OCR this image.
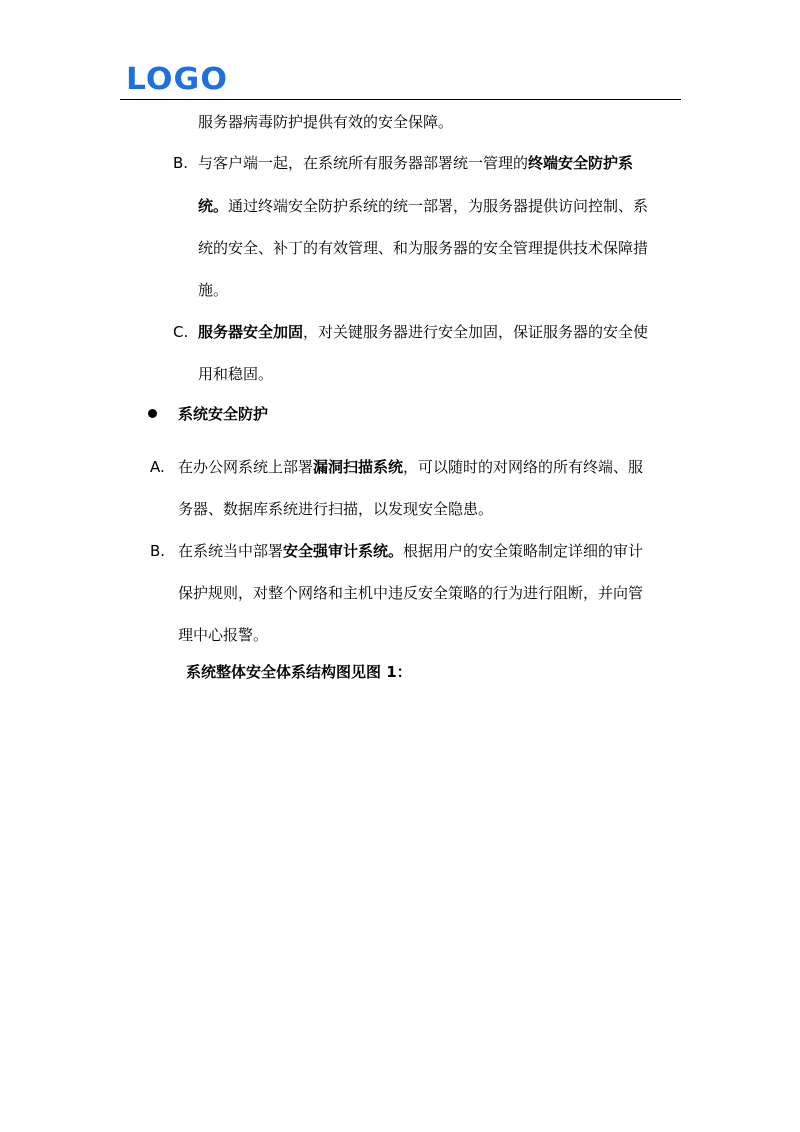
LOGO
服务器病毒防护提供有效的安全保障。
B. 与客户端一起，在系统所有服务器部署统一管理的终端安全防护系
统。通过终端安全防护系统的统一部署，为服务器提供访问控制、系
统的安全、补丁的有效管理、和为服务器的安全管理提供技术保障措
施。
C. 服务器安全加固，对关键服务器进行安全加固，保证服务器的安全使
用和稳固。
系统安全防护
A. 在办公网系统上部署漏洞扫描系统，可以随时的对网络的所有终端、服
务器、数据库系统进行扫描，以发现安全隐患。
B. 在系统当中部署安全强审计系统。根据用户的安全策略制定详细的审计
保护规则，对整个网络和主机中违反安全策略的行为进行阻断，并向管
理中心报警。
系统整体安全体系结构图见图 1：
